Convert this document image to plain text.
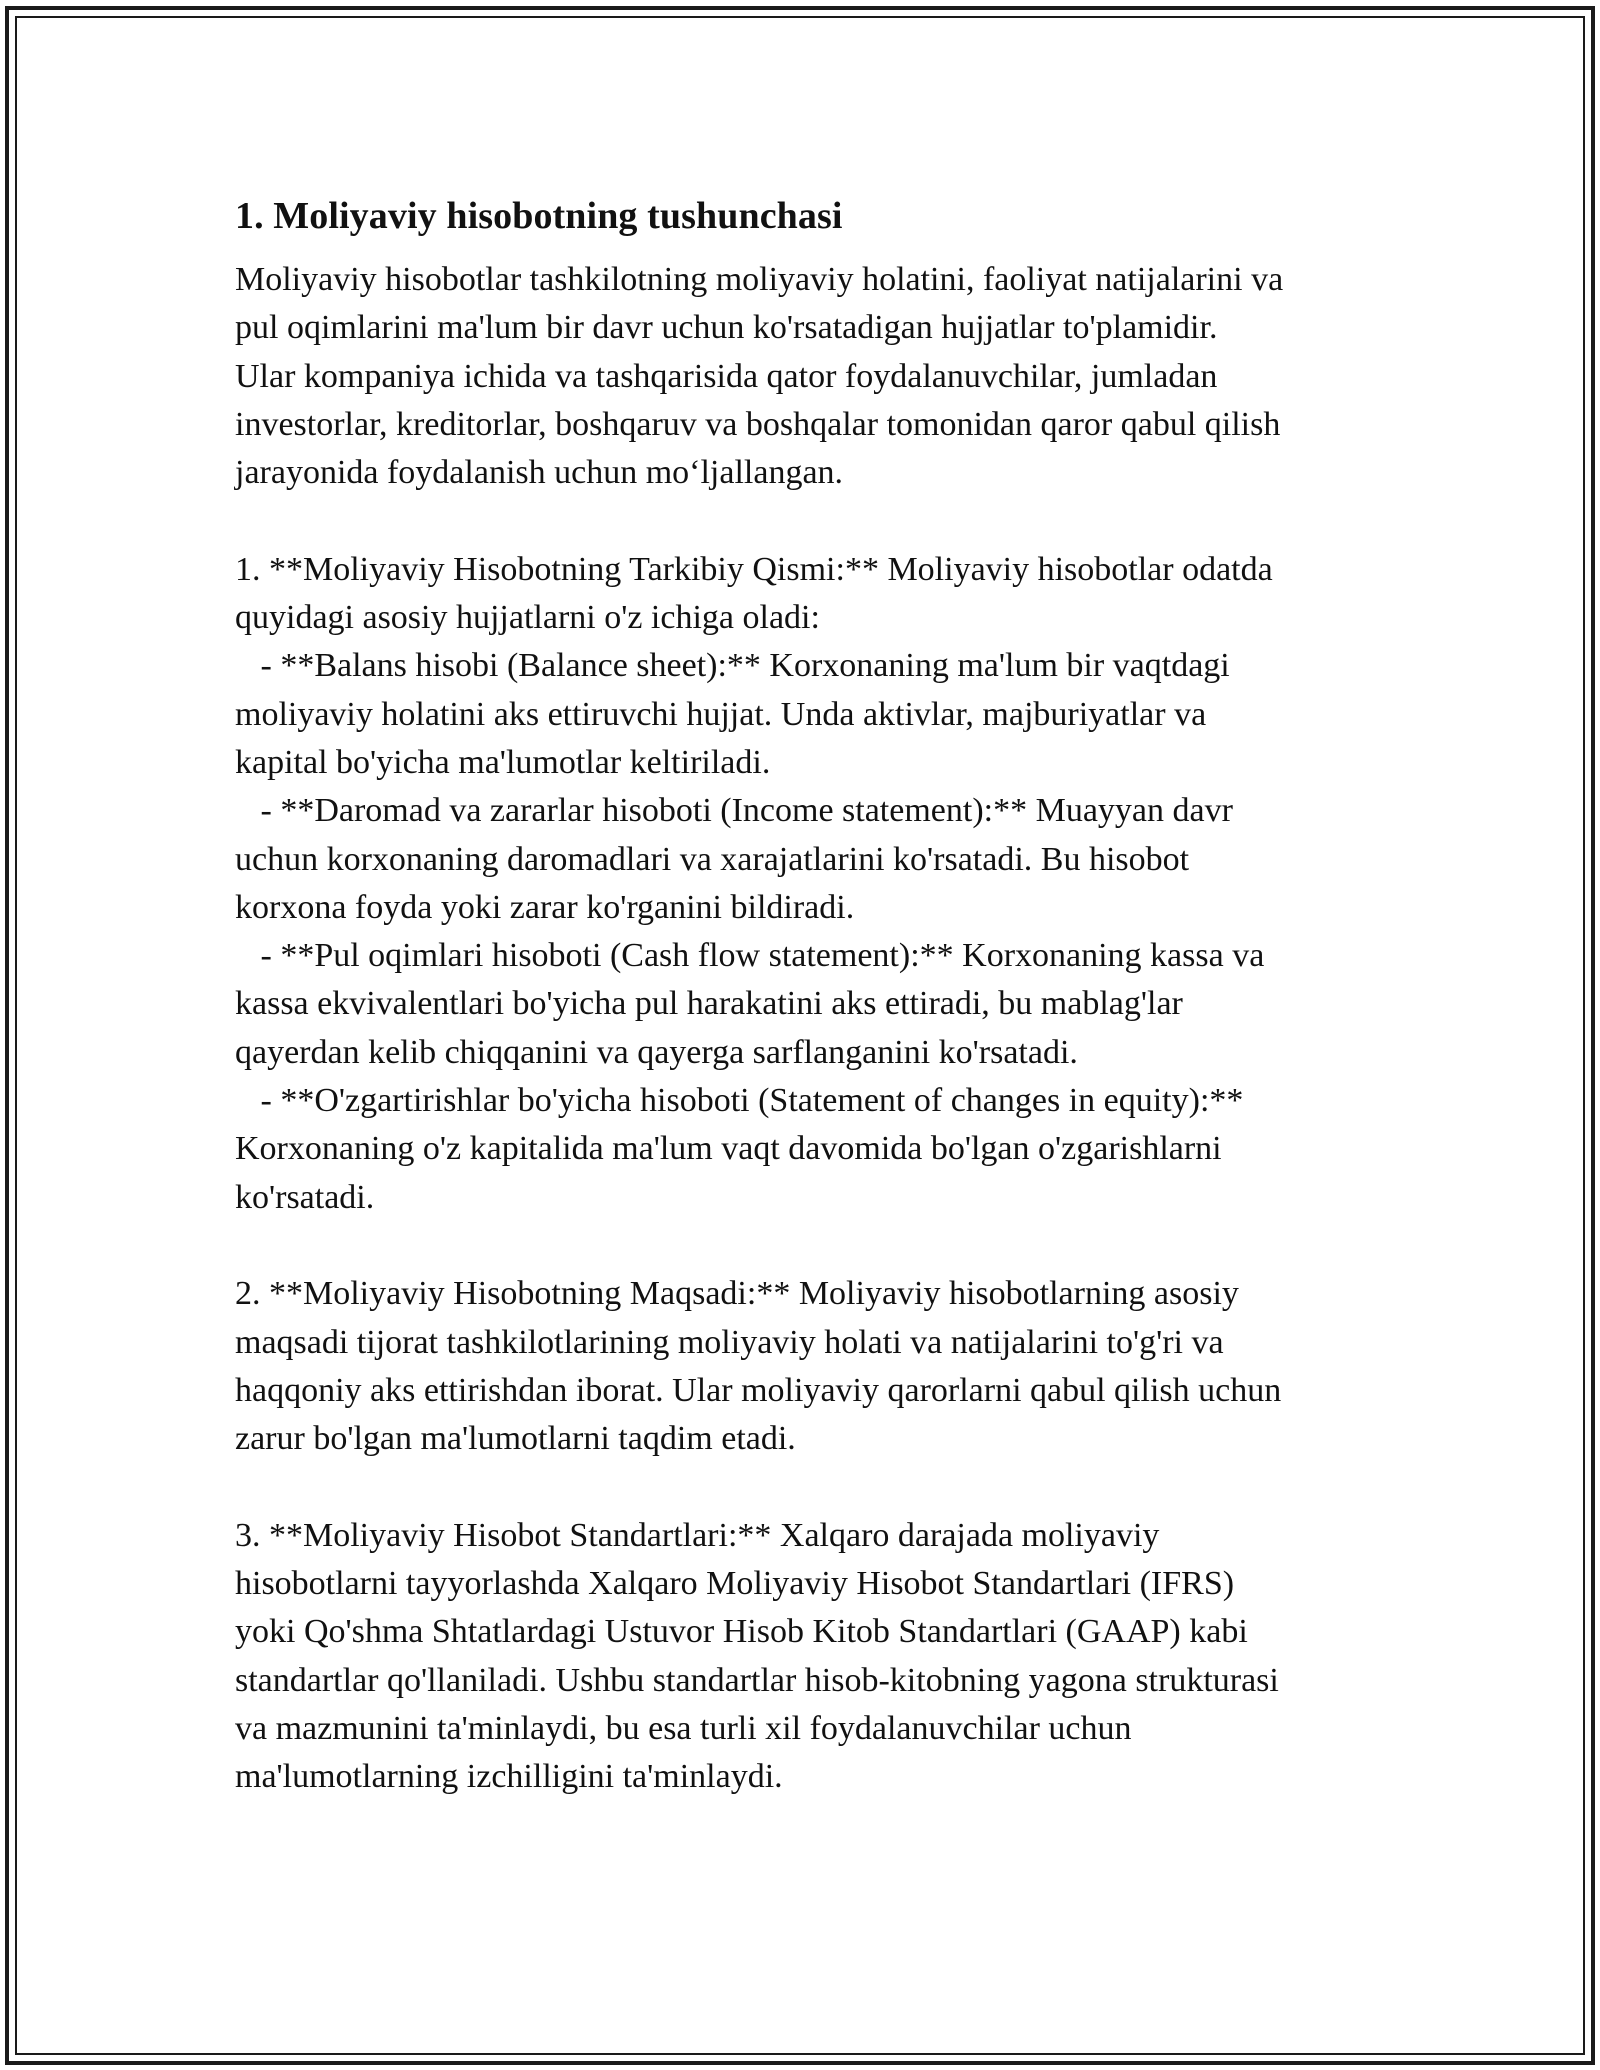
1. Moliyaviy hisobotning tushunchasi

Moliyaviy hisobotlar tashkilotning moliyaviy holatini, faoliyat natijalarini va
pul oqimlarini ma'lum bir davr uchun ko'rsatadigan hujjatlar to'plamidir.
Ular kompaniya ichida va tashqarisida qator foydalanuvchilar, jumladan
investorlar, kreditorlar, boshqaruv va boshqalar tomonidan qaror qabul qilish
jarayonida foydalanish uchun mo‘ljallangan.

1. **Moliyaviy Hisobotning Tarkibiy Qismi:** Moliyaviy hisobotlar odatda
quyidagi asosiy hujjatlarni o'z ichiga oladi:
- **Balans hisobi (Balance sheet):** Korxonaning ma'lum bir vaqtdagi
moliyaviy holatini aks ettiruvchi hujjat. Unda aktivlar, majburiyatlar va
kapital bo'yicha ma'lumotlar keltiriladi.
- **Daromad va zararlar hisoboti (Income statement):** Muayyan davr
uchun korxonaning daromadlari va xarajatlarini ko'rsatadi. Bu hisobot
korxona foyda yoki zarar ko'rganini bildiradi.
- **Pul oqimlari hisoboti (Cash flow statement):** Korxonaning kassa va
kassa ekvivalentlari bo'yicha pul harakatini aks ettiradi, bu mablag'lar
qayerdan kelib chiqqanini va qayerga sarflanganini ko'rsatadi.
- **O'zgartirishlar bo'yicha hisoboti (Statement of changes in equity):**
Korxonaning o'z kapitalida ma'lum vaqt davomida bo'lgan o'zgarishlarni
ko'rsatadi.

2. **Moliyaviy Hisobotning Maqsadi:** Moliyaviy hisobotlarning asosiy
maqsadi tijorat tashkilotlarining moliyaviy holati va natijalarini to'g'ri va
haqqoniy aks ettirishdan iborat. Ular moliyaviy qarorlarni qabul qilish uchun
zarur bo'lgan ma'lumotlarni taqdim etadi.

3. **Moliyaviy Hisobot Standartlari:** Xalqaro darajada moliyaviy
hisobotlarni tayyorlashda Xalqaro Moliyaviy Hisobot Standartlari (IFRS)
yoki Qo'shma Shtatlardagi Ustuvor Hisob Kitob Standartlari (GAAP) kabi
standartlar qo'llaniladi. Ushbu standartlar hisob-kitobning yagona strukturasi
va mazmunini ta'minlaydi, bu esa turli xil foydalanuvchilar uchun
ma'lumotlarning izchilligini ta'minlaydi.
